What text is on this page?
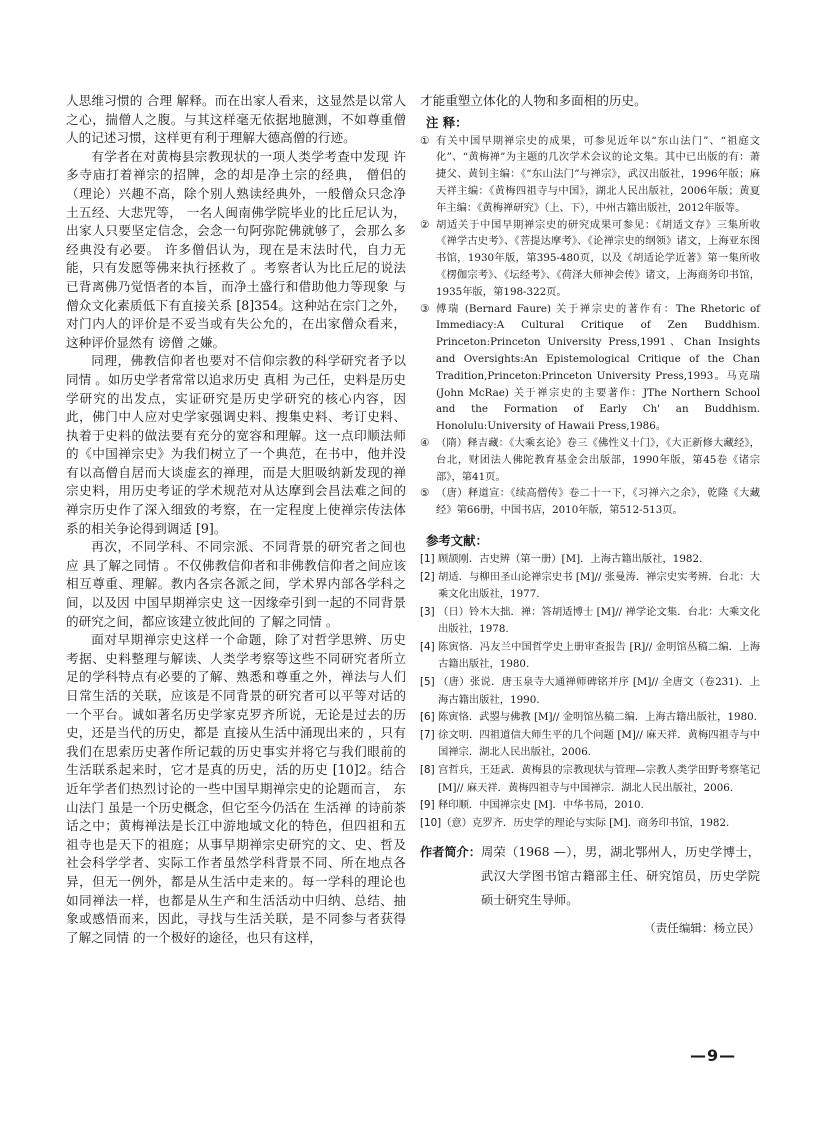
人思维习惯的 合理 解释。而在出家人看来，这显然是以常人之心，揣僧人之腹。与其这样毫无依据地臆测，不如尊重僧人的记述习惯，这样更有利于理解大德高僧的行迹。

有学者在对黄梅县宗教现状的一项人类学考查中发现 许多寺庙打着禅宗的招牌，念的却是净土宗的经典， 僧侣的（理论）兴趣不高，除个别人熟读经典外，一般僧众只念净土五经、大悲咒等， 一名人闽南佛学院毕业的比丘尼认为，出家人只要坚定信念，会念一句阿弥陀佛就够了，会那么多经典没有必要。 许多僧侣认为，现在是末法时代，自力无能，只有发愿等佛来执行拯救了 。考察者认为比丘尼的说法 已背离佛乃觉悟者的本旨，而净土盛行和借助他力等现象 与僧众文化素质低下有直接关系 [8]354。这种站在宗门之外，对门内人的评价是不妥当或有失公允的，在出家僧众看来，这种评价显然有 谤僧 之嫌。

同理，佛教信仰者也要对不信仰宗教的科学研究者予以 同情 。如历史学者常常以追求历史 真相 为己任，史料是历史学研究的出发点，实证研究是历史学研究的核心内容，因此，佛门中人应对史学家强调史料、搜集史料、考订史料、执着于史料的做法要有充分的宽容和理解。这一点印顺法师的《中国禅宗史》为我们树立了一个典范，在书中，他并没有以高僧自居而大谈虚玄的禅理，而是大胆吸纳新发现的禅宗史料，用历史考证的学术规范对从达摩到会昌法难之间的禅宗历史作了深入细致的考察，在一定程度上使禅宗传法体系的相关争论得到调适 [9]。

再次，不同学科、不同宗派、不同背景的研究者之间也应 具了解之同情 。不仅佛教信仰者和非佛教信仰者之间应该相互尊重、理解。教内各宗各派之间，学术界内部各学科之间，以及因 中国早期禅宗史 这一因缘牵引到一起的不同背景的研究之间，都应该建立彼此间的 了解之同情 。

面对早期禅宗史这样一个命题，除了对哲学思辨、历史考据、史料整理与解读、人类学考察等这些不同研究者所立足的学科特点有必要的了解、熟悉和尊重之外，禅法与人们日常生活的关联，应该是不同背景的研究者可以平等对话的一个平台。诚如著名历史学家克罗齐所说，无论是过去的历史，还是当代的历史，都是 直接从生活中涌现出来的 ，只有我们在思索历史著作所记载的历史事实并将它与我们眼前的生活联系起来时，它才是真的历史，活的历史 [10]2。结合近年学者们热烈讨论的一些中国早期禅宗史的论题而言， 东山法门 虽是一个历史概念，但它至今仍活在 生活禅 的诗前茶话之中；黄梅禅法是长江中游地域文化的特色，但四祖和五祖寺也是天下的祖庭；从事早期禅宗史研究的文、史、哲及社会科学学者、实际工作者虽然学科背景不同、所在地点各异，但无一例外，都是从生活中走来的。每一学科的理论也如同禅法一样，也都是从生产和生活活动中归纳、总结、抽象或感悟而来，因此，寻找与生活关联，是不同参与者获得 了解之同情 的一个极好的途径，也只有这样，

才能重塑立体化的人物和多面相的历史。

注 释：
① 有关中国早期禅宗史的成果，可参见近年以“东山法门”、“祖庭文化”、“黄梅禅”为主题的几次学术会议的论文集。其中已出版的有：萧捷父、黄钊主编：《“东山法门”与禅宗》，武汉出版社，1996年版；麻天祥主编：《黄梅四祖寺与中国》，湖北人民出版社，2006年版；黄夏年主编：《黄梅禅研究》（上、下），中州古籍出版社，2012年版等。
② 胡适关于中国早期禅宗史的研究成果可参见：《胡适文存》三集所收《禅学古史考》、《菩提达摩考》、《论禅宗史的纲领》诸文，上海亚东图书馆，1930年版，第395-480页，以及《胡适论学近著》第一集所收《楞伽宗考》、《坛经考》、《荷泽大师神会传》诸文，上海商务印书馆，1935年版，第198-322页。
③ 傅瑞 (Bernard Faure) 关于禅宗史的著作有：The Rhetoric of Immediacy:A Cultural Critique of Zen Buddhism. Princeton:Princeton University Press,1991、Chan Insights and Oversights:An Epistemological Critique of the Chan Tradition,Princeton:Princeton University Press,1993。马克瑞 (John McRae) 关于禅宗史的主要著作：JThe Northern School and the Formation of Early Ch' an Buddhism. Honolulu:University of Hawaii Press,1986。
④ （隋）释吉藏：《大乘玄论》卷三《佛性义十门》，《大正新修大藏经》，台北，财团法人佛陀教育基金会出版部，1990年版，第45卷《诸宗部》，第41页。
⑤ （唐）释道宣：《续高僧传》卷二十一下，《习禅六之余》，乾隆《大藏经》第66册，中国书店，2010年版，第512-513页。
参考文献：
[1] 顾颉刚．古史辨（第一册）[M]．上海古籍出版社，1982.
[2] 胡适．与柳田圣山论禅宗史书 [M]// 张曼涛．禅宗史实考辨．台北：大乘文化出版社，1977.
[3] （日）铃木大拙．禅：答胡适博士 [M]// 禅学论文集．台北：大乘文化出版社，1978.
[4] 陈寅恪．冯友兰中国哲学史上册审查报告 [R]// 金明馆丛稿二编．上海古籍出版社，1980.
[5] （唐）张说．唐玉泉寺大通禅师碑铭并序 [M]// 全唐文（卷231)．上海古籍出版社，1990.
[6] 陈寅恪．武曌与佛教 [M]// 金明馆丛稿二编．上海古籍出版社，1980.
[7] 徐文明．四祖道信大师生平的几个问题 [M]// 麻天祥．黄梅四祖寺与中国禅宗．湖北人民出版社，2006.
[8] 宫哲兵，王廷武．黄梅县的宗教现状与管理—宗教人类学田野考察笔记 [M]// 麻天祥．黄梅四祖寺与中国禅宗．湖北人民出版社，2006.
[9] 释印顺．中国禅宗史 [M]．中华书局，2010.
[10] （意）克罗齐．历史学的理论与实际 [M]．商务印书馆，1982.
作者简介： 周荣（1968 —），男，湖北鄂州人，历史学博士，武汉大学图书馆古籍部主任、研究馆员，历史学院硕士研究生导师。
（责任编辑：杨立民）
—9—
